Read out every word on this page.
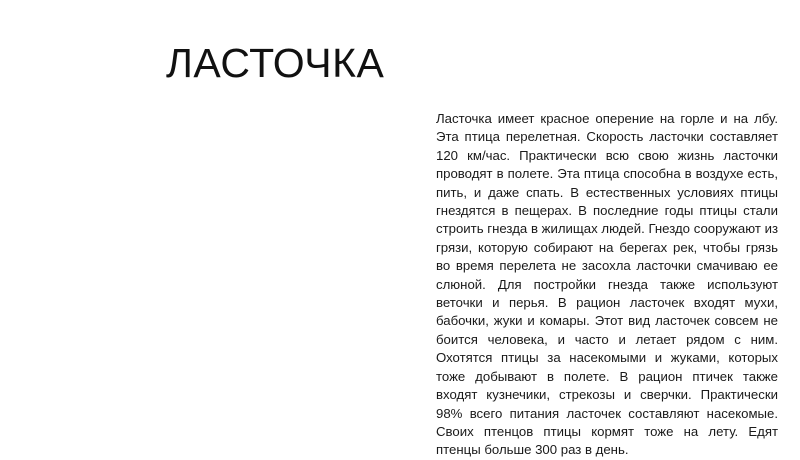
ЛАСТОЧКА

Ласточка имеет красное оперение на горле и на лбу. Эта птица перелетная. Скорость ласточки составляет 120 км/час. Практически всю свою жизнь ласточки проводят в полете. Эта птица способна в воздухе есть, пить, и даже спать. В естественных условиях птицы гнездятся в пещерах. В последние годы птицы стали строить гнезда в жилищах людей. Гнездо сооружают из грязи, которую собирают на берегах рек, чтобы грязь во время перелета не засохла ласточки смачиваю ее слюной. Для постройки гнезда также используют веточки и перья. В рацион ласточек входят мухи, бабочки, жуки и комары. Этот вид ласточек совсем не боится человека, и часто и летает рядом с ним. Охотятся птицы за насекомыми и жуками, которых тоже добывают в полете. В рацион птичек также входят кузнечики, стрекозы и сверчки. Практически 98% всего питания ласточек составляют насекомые. Своих птенцов птицы кормят тоже на лету. Едят птенцы больше 300 раз в день.
